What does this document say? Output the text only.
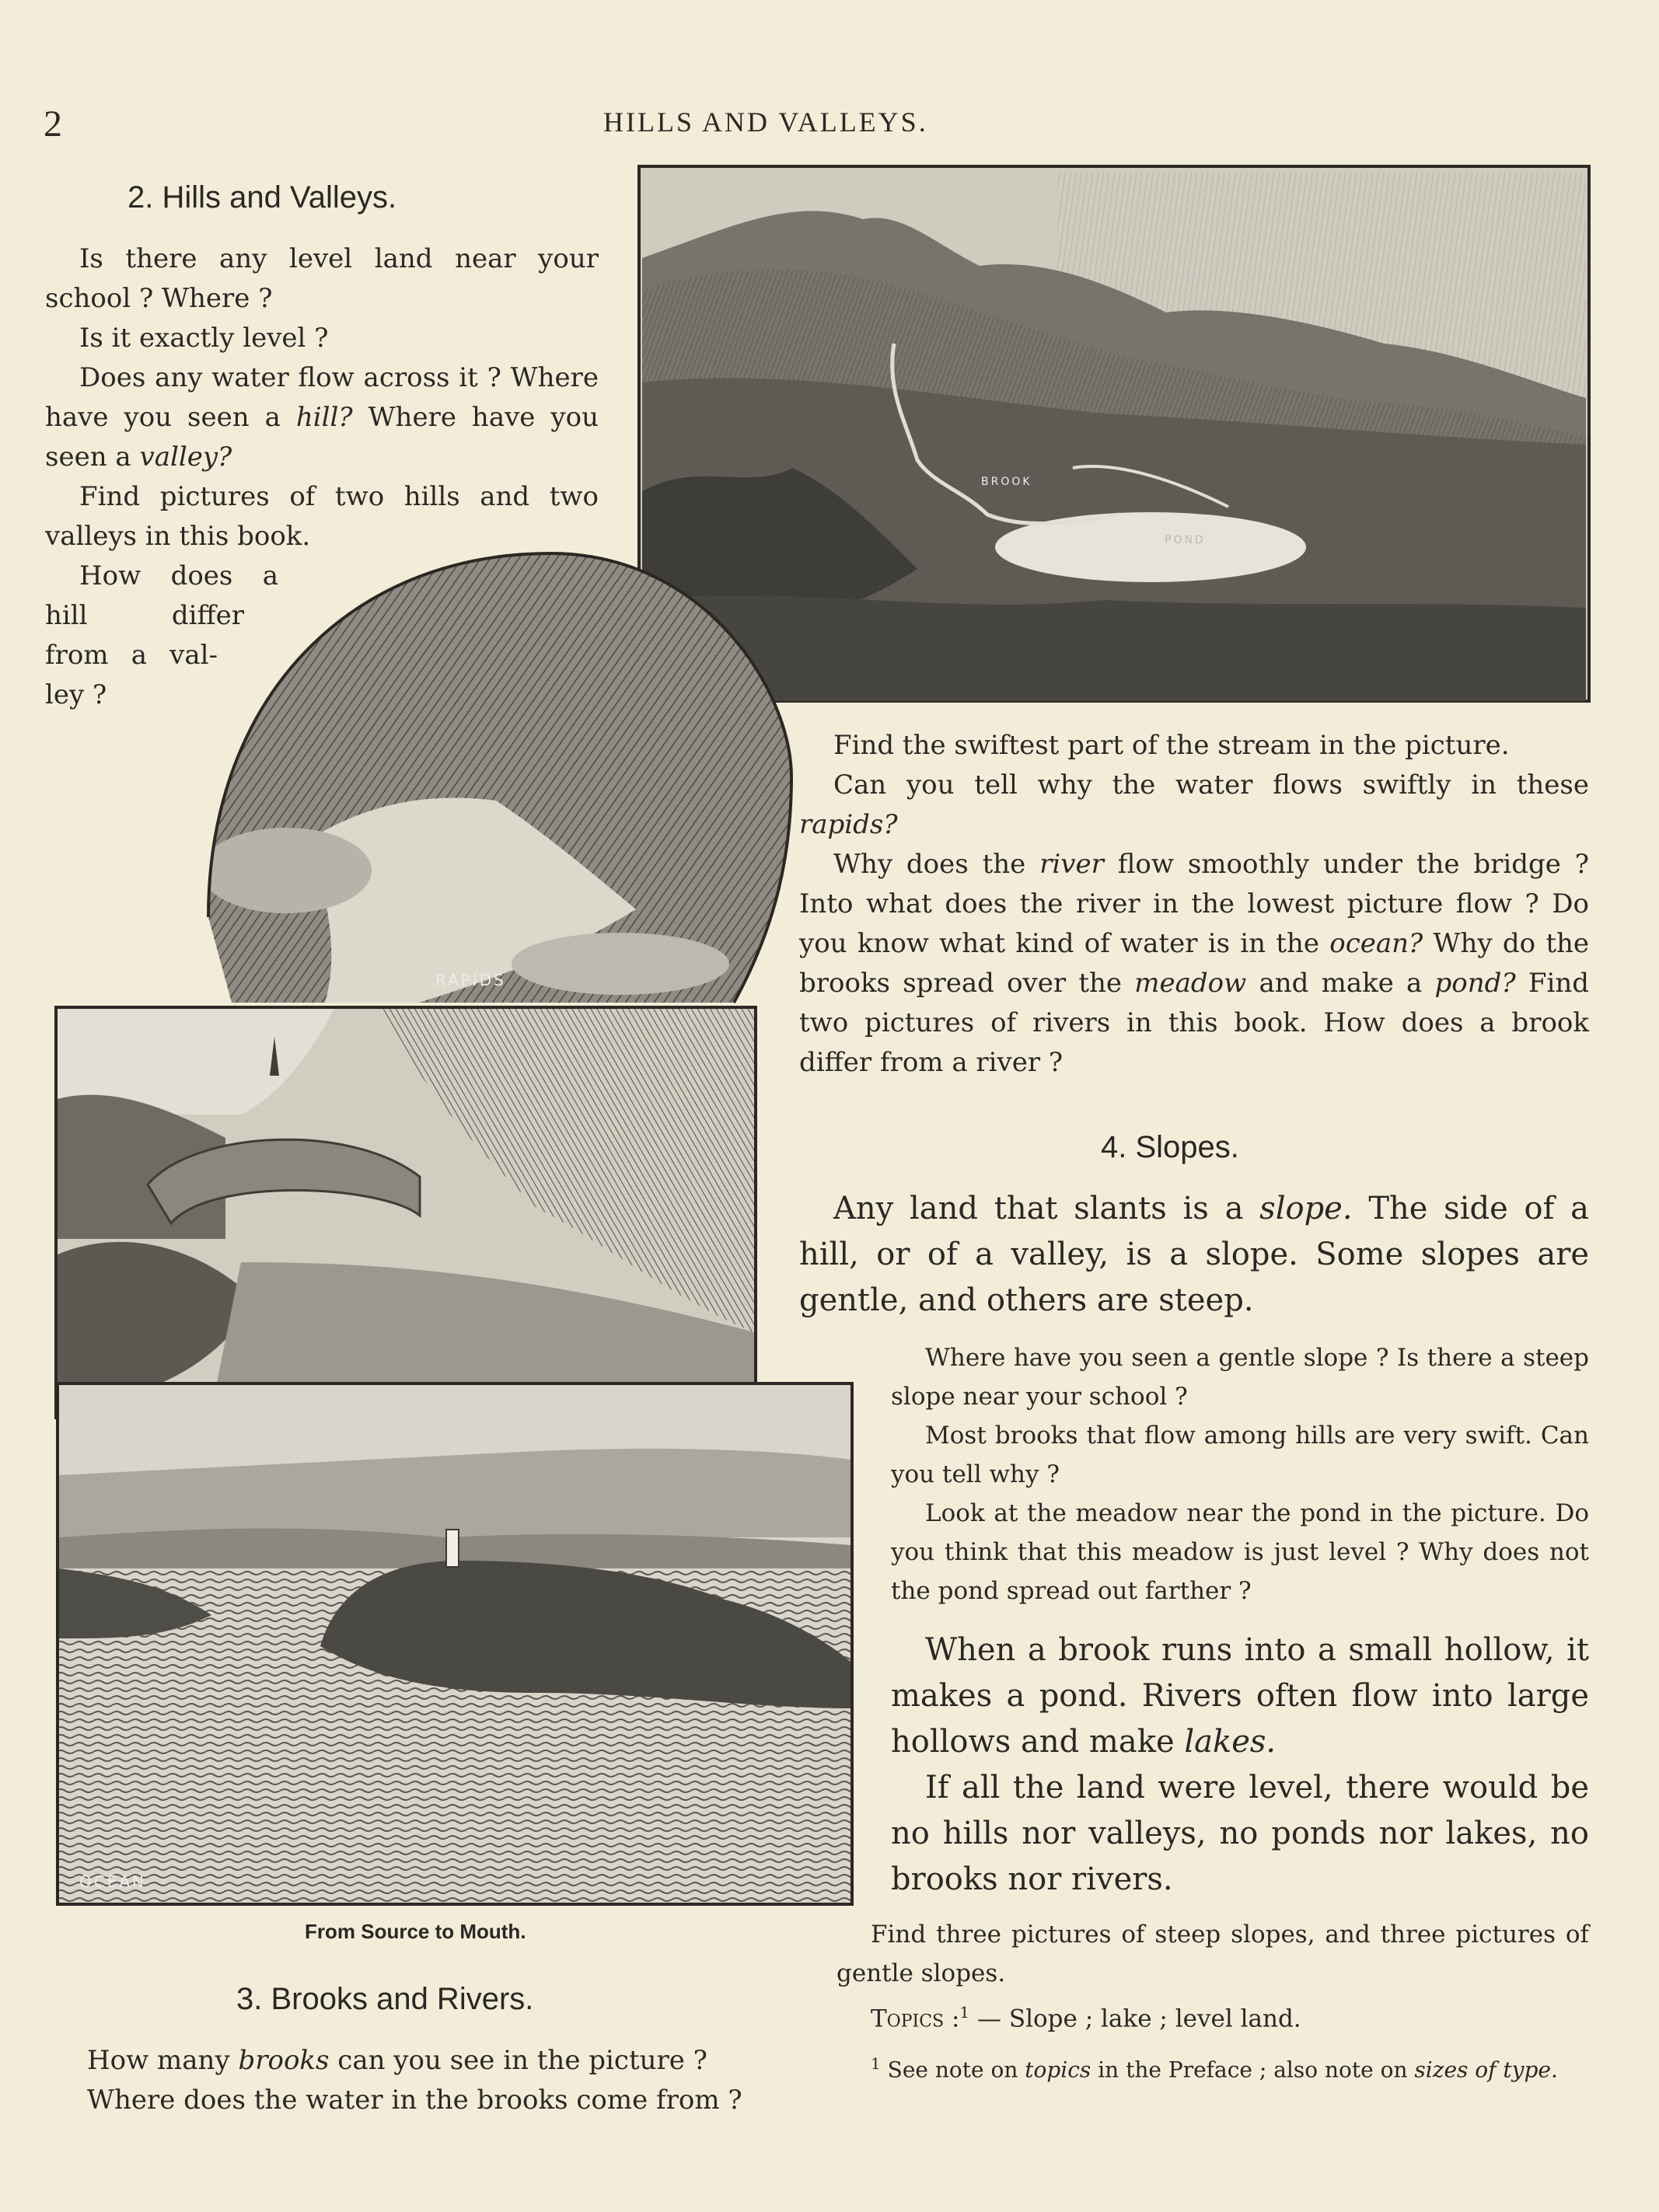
2	HILLS AND VALLEYS.
2. Hills and Valleys.

Is there any level land near your

school ? Where ?

Is it exactly level ?

Does any water flow across it ? Where

have you seen a hill? Where have you

seen a valley?

Find pictures of two hills and two

valleys in this book.

How does a

hill differ

from a val-

ley ?

BROOK
POND
RAPIDS
OCEAN
From Source to Mouth.

Find the swiftest part of the stream in the picture.

Can you tell why the water flows swiftly in these rapids?

Why does the river flow smoothly under the bridge ? Into what does the river in the lowest picture flow ? Do you know what kind of water is in the ocean? Why do the brooks spread over the meadow and make a pond? Find two pictures of rivers in this book. How does a brook differ from a river ?

4. Slopes.

Any land that slants is a slope. The side of a hill, or of a valley, is a slope. Some slopes are gentle, and others are steep.

Where have you seen a gentle slope ? Is there a steep slope near your school ?

Most brooks that flow among hills are very swift. Can you tell why ?

Look at the meadow near the pond in the picture. Do you think that this meadow is just level ? Why does not the pond spread out farther ?

When a brook runs into a small hollow, it makes a pond. Rivers often flow into large hollows and make lakes.

If all the land were level, there would be no hills nor valleys, no ponds nor lakes, no brooks nor rivers.

Find three pictures of steep slopes, and three pictures of gentle slopes.

Topics :$^1$ — Slope ; lake ; level land.

$^1$ See note on topics in the Preface ; also note on sizes of type.

3. Brooks and Rivers.

How many brooks can you see in the picture ?

Where does the water in the brooks come from ?
